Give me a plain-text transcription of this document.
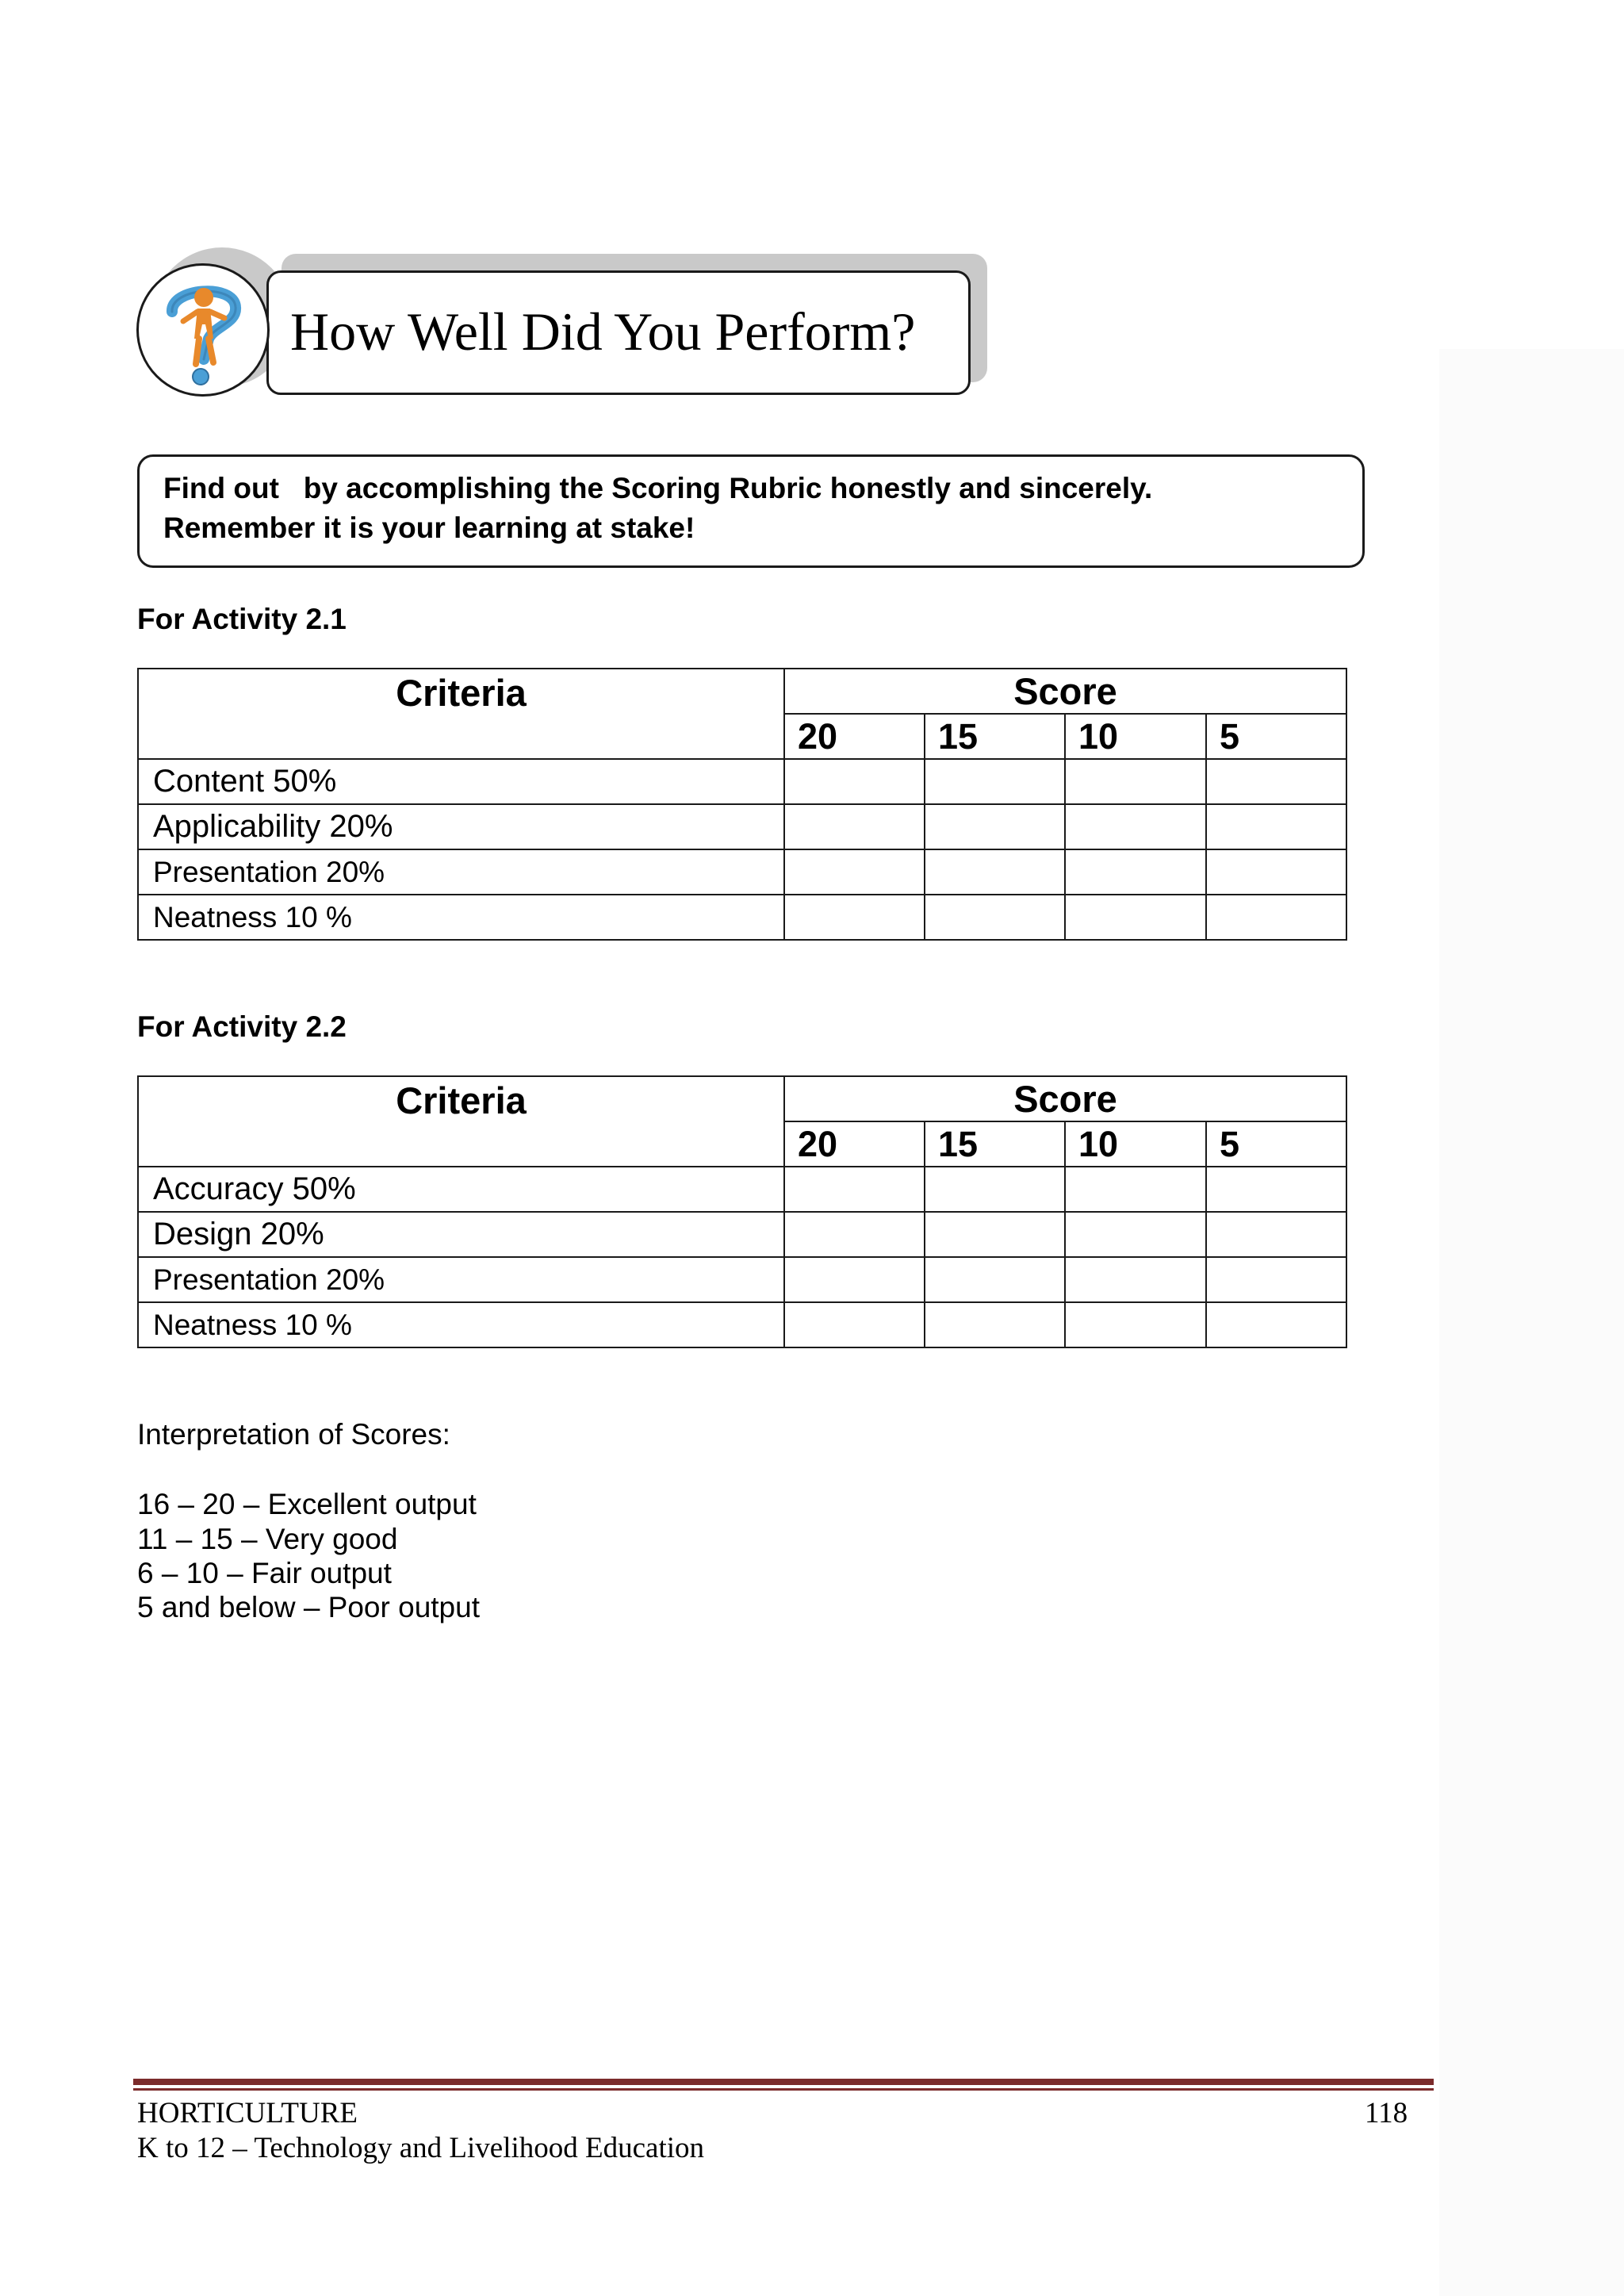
How Well Did You Perform?
Find out   by accomplishing the Scoring Rubric honestly and sincerely.
Remember it is your learning at stake!
For Activity 2.1
Criteria	Score			
	20	15	10	5
Content 50%				
Applicability 20%				
Presentation 20%				
Neatness 10 %				
For Activity 2.2
Criteria	Score			
	20	15	10	5
Accuracy 50%				
Design 20%				
Presentation 20%				
Neatness 10 %				
Interpretation of Scores:
16 – 20 – Excellent output
11 – 15 – Very good
6 – 10 – Fair output
5 and below – Poor output
HORTICULTURE	118
K to 12 – Technology and Livelihood Education
